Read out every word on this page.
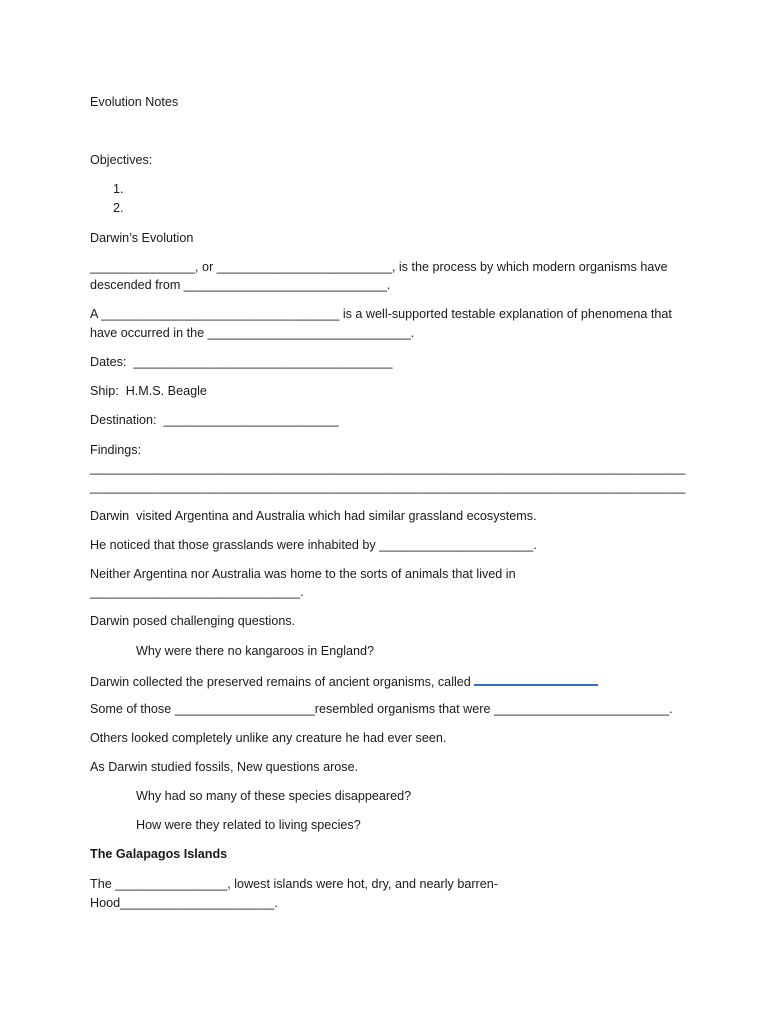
Evolution Notes

Objectives:

1.

2.

Darwin’s Evolution

_______________, or _________________________, is the process by which modern organisms have

descended from _____________________________.

A __________________________________ is a well-supported testable explanation of phenomena that

have occurred in the _____________________________.

Dates:  _____________________________________

Ship:  H.M.S. Beagle

Destination:  _________________________

Findings:

_____________________________________________________________________________________

_____________________________________________________________________________________

Darwin  visited Argentina and Australia which had similar grassland ecosystems.

He noticed that those grasslands were inhabited by ______________________.

Neither Argentina nor Australia was home to the sorts of animals that lived in

______________________________.

Darwin posed challenging questions.

Why were there no kangaroos in England?

Darwin collected the preserved remains of ancient organisms, called

Some of those ____________________resembled organisms that were _________________________.

Others looked completely unlike any creature he had ever seen.

As Darwin studied fossils, New questions arose.

Why had so many of these species disappeared?

How were they related to living species?

The Galapagos Islands

The ________________, lowest islands were hot, dry, and nearly barren-

Hood______________________.
